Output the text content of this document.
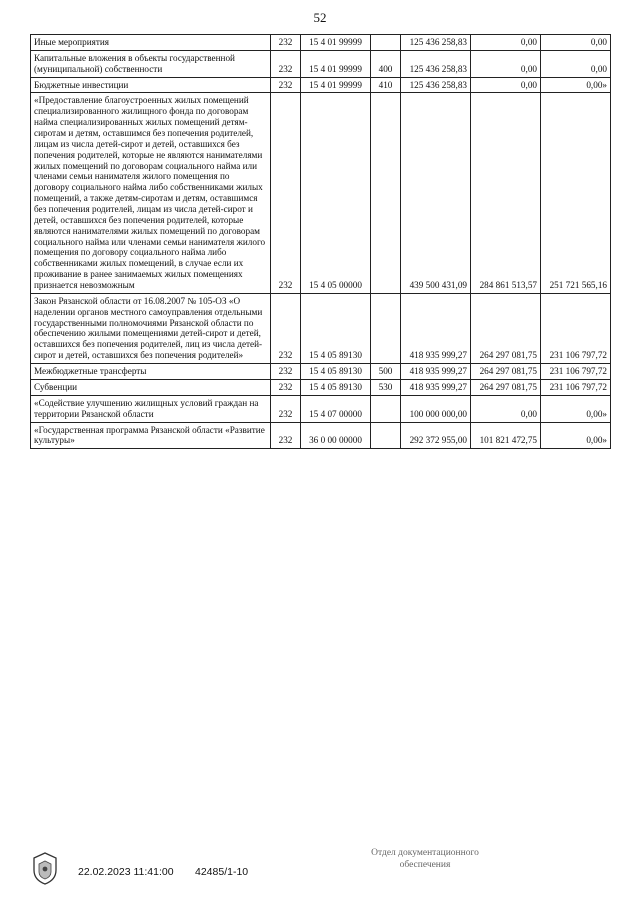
52
Иные мероприятия	232	15 4 01 99999		125 436 258,83	0,00	0,00
Капитальные вложения в объекты государственной (муниципальной) собственности	232	15 4 01 99999	400	125 436 258,83	0,00	0,00
Бюджетные инвестиции	232	15 4 01 99999	410	125 436 258,83	0,00	0,00»
«Предоставление благоустроенных жилых помещений специализированного жилищного фонда по договорам найма специализированных жилых помещений детям-сиротам и детям, оставшимся без попечения родителей, лицам из числа детей-сирот и детей, оставшихся без попечения родителей, которые не являются нанимателями жилых помещений по договорам социального найма или членами семьи нанимателя жилого помещения по договору социального найма либо собственниками жилых помещений, а также детям-сиротам и детям, оставшимся без попечения родителей, лицам из числа детей-сирот и детей, оставшихся без попечения родителей, которые являются нанимателями жилых помещений по договорам социального найма или членами семьи нанимателя жилого помещения по договору социального найма либо собственниками жилых помещений, в случае если их проживание в ранее занимаемых жилых помещениях признается невозможным	232	15 4 05 00000		439 500 431,09	284 861 513,57	251 721 565,16
Закон Рязанской области от 16.08.2007 № 105-ОЗ «О наделении органов местного самоуправления отдельными государственными полномочиями Рязанской области по обеспечению жилыми помещениями детей-сирот и детей, оставшихся без попечения родителей, лиц из числа детей-сирот и детей, оставшихся без попечения родителей»	232	15 4 05 89130		418 935 999,27	264 297 081,75	231 106 797,72
Межбюджетные трансферты	232	15 4 05 89130	500	418 935 999,27	264 297 081,75	231 106 797,72
Субвенции	232	15 4 05 89130	530	418 935 999,27	264 297 081,75	231 106 797,72
«Содействие улучшению жилищных условий граждан на территории Рязанской области	232	15 4 07 00000		100 000 000,00	0,00	0,00»
«Государственная программа Рязанской области «Развитие культуры»	232	36 0 00 00000		292 372 955,00	101 821 472,75	0,00»
22.02.2023 11:41:00 42485/1-10
Отдел документационного
обеспечения
